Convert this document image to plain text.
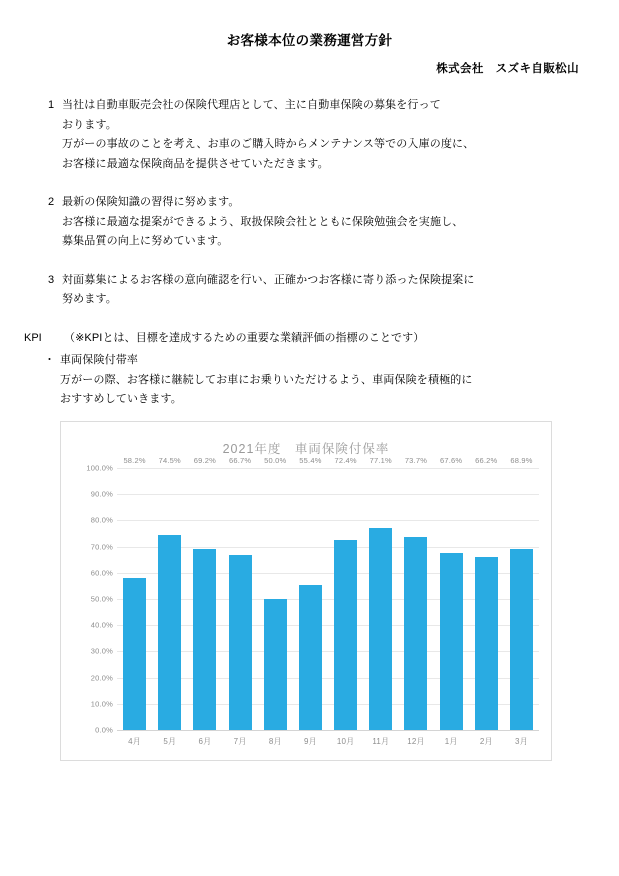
お客様本位の業務運営方針
株式会社　スズキ自販松山
1 当社は自動車販売会社の保険代理店として、主に自動車保険の募集を行って
おります。
万がーの事故のことを考え、お車のご購入時からメンテナンス等での入庫の度に、
お客様に最適な保険商品を提供させていただきます。
2 最新の保険知識の習得に努めます。
お客様に最適な提案ができるよう、取扱保険会社とともに保険勉強会を実施し、
募集品質の向上に努めています。
3 対面募集によるお客様の意向確認を行い、正確かつお客様に寄り添った保険提案に
努めます。
KPI	（※KPIとは、目標を達成するための重要な業績評価の指標のことです）
・ 車両保険付帯率
万がーの際、お客様に継続してお車にお乗りいただけるよう、車両保険を積極的に
おすすめしていきます。
2021年度　車両保険付保率
100.0%
90.0%
80.0%
70.0%
60.0%
50.0%
40.0%
30.0%
20.0%
10.0%
0.0%
58.2% 74.5% 69.2% 66.7% 50.0% 55.4% 72.4% 77.1% 73.7% 67.6% 66.2% 68.9%
4月	5月	6月	7月	8月	9月	10月	11月	12月	1月	2月	3月
